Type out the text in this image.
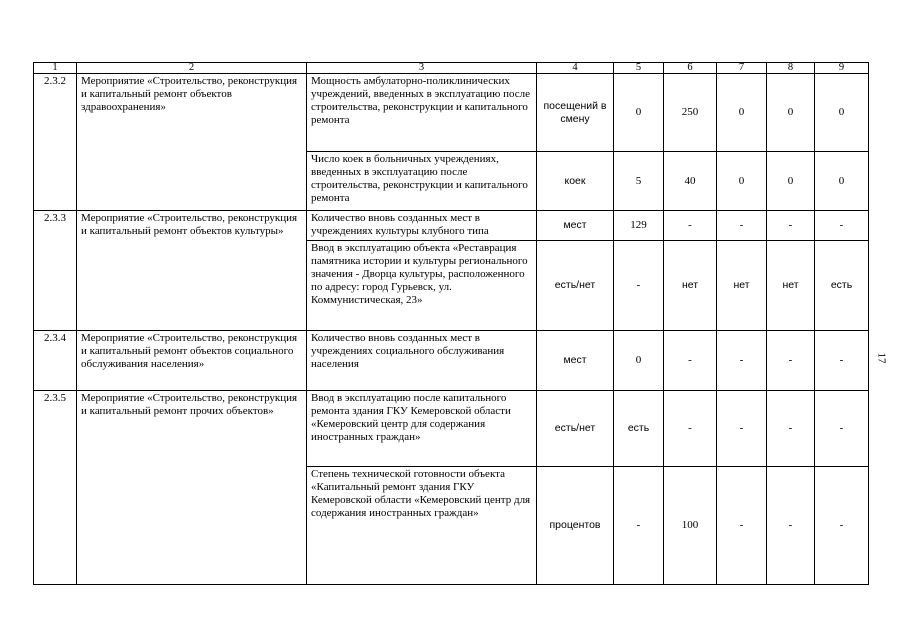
17
1	2	3	4	5	6	7	8	9
2.3.2	Мероприятие «Строительство, реконструкция и капитальный ремонт объектов здравоохранения»	Мощность амбулаторно-поликлинических учреждений, введенных в эксплуатацию после строительства, реконструкции и капитального ремонта	посещений в смену	0	250	0	0	0
		Число коек в больничных учреждениях, введенных в эксплуатацию после строительства, реконструкции и капитального ремонта	коек	5	40	0	0	0
2.3.3	Мероприятие «Строительство, реконструкция и капитальный ремонт объектов культуры»	Количество вновь созданных мест в учреждениях культуры клубного типа	мест	129	-	-	-	-
		Ввод в эксплуатацию объекта «Реставрация памятника истории и культуры регионального значения - Дворца культуры, расположенного по адресу: город Гурьевск, ул. Коммунистическая, 23»	есть/нет	-	нет	нет	нет	есть
2.3.4	Мероприятие «Строительство, реконструкция и капитальный ремонт объектов социального обслуживания населения»	Количество вновь созданных мест в учреждениях социального обслуживания населения	мест	0	-	-	-	-
2.3.5	Мероприятие «Строительство, реконструкция и капитальный ремонт прочих объектов»	Ввод в эксплуатацию после капитального ремонта здания ГКУ Кемеровской области «Кемеровский центр для содержания иностранных граждан»	есть/нет	есть	-	-	-	-
		Степень технической готовности объекта «Капитальный ремонт здания ГКУ Кемеровской области «Кемеровский центр для содержания иностранных граждан»	процентов	-	100	-	-	-
